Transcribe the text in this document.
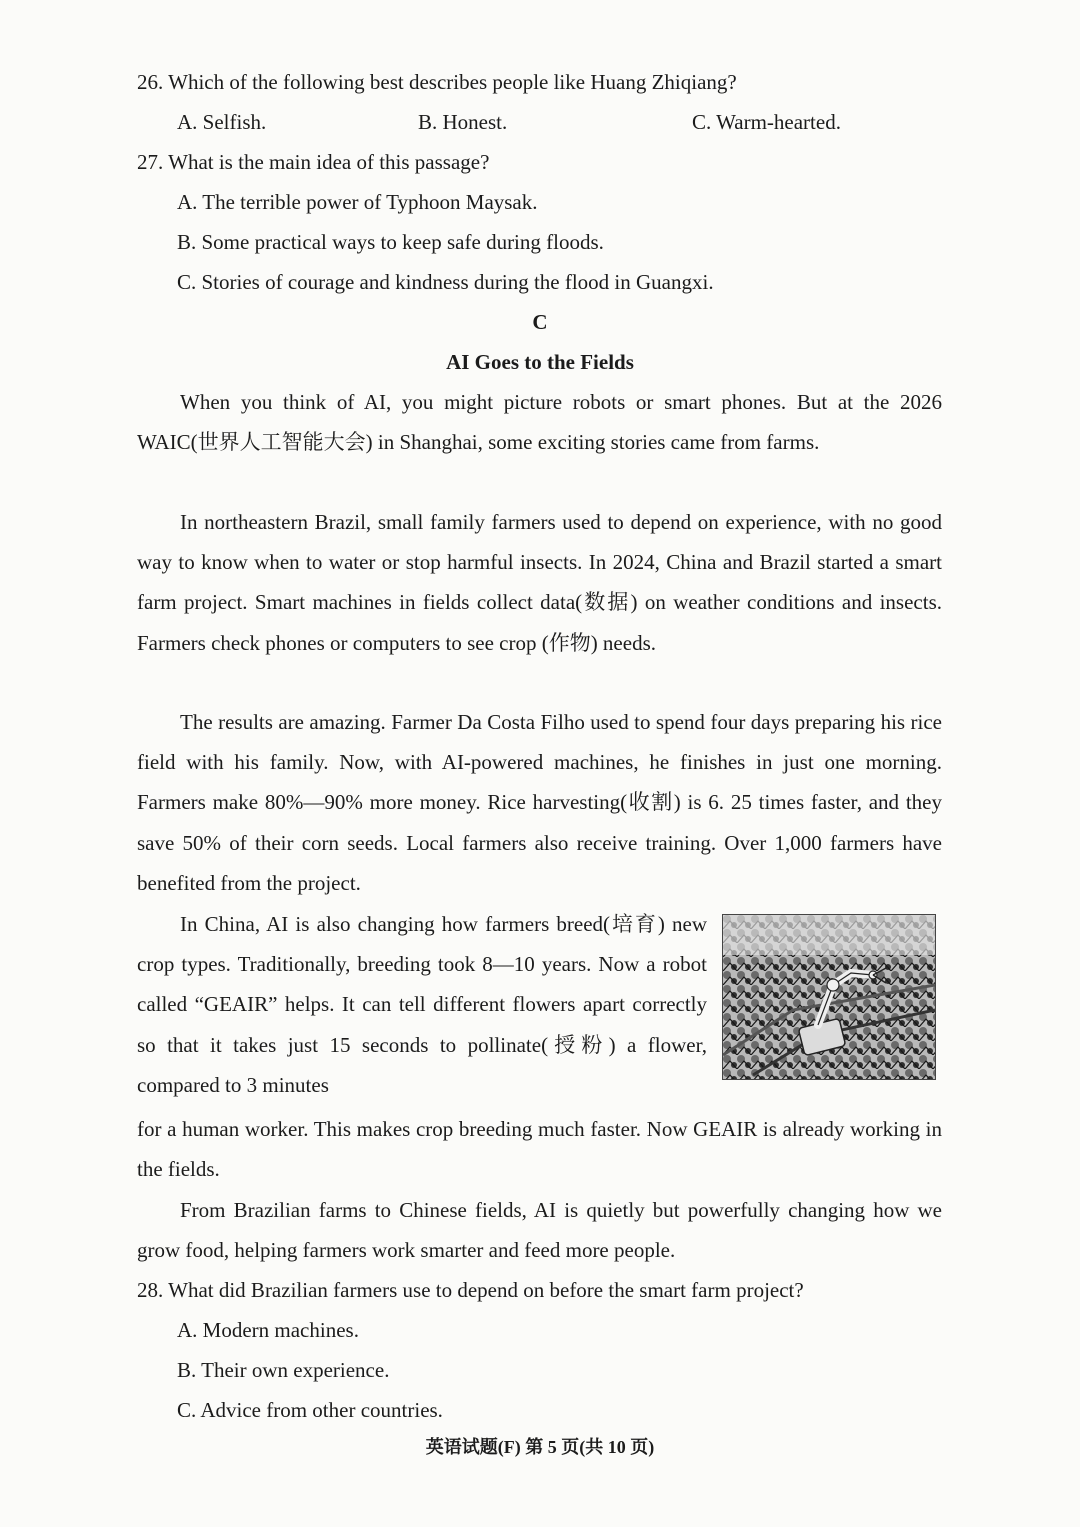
26. Which of the following best describes people like Huang Zhiqiang?
A. Selfish.	B. Honest.	C. Warm-hearted.
27. What is the main idea of this passage?
A. The terrible power of Typhoon Maysak.
B. Some practical ways to keep safe during floods.
C. Stories of courage and kindness during the flood in Guangxi.
C
AI Goes to the Fields
When you think of AI, you might picture robots or smart phones. But at the 2026 WAIC(世界人工智能大会) in Shanghai, some exciting stories came from farms.
In northeastern Brazil, small family farmers used to depend on experience, with no good way to know when to water or stop harmful insects. In 2024, China and Brazil started a smart farm project. Smart machines in fields collect data(数据) on weather conditions and insects. Farmers check phones or computers to see crop (作物) needs.
The results are amazing. Farmer Da Costa Filho used to spend four days preparing his rice field with his family. Now, with AI-powered machines, he finishes in just one morning. Farmers make 80%—90% more money. Rice harvesting(收割) is 6. 25 times faster, and they save 50% of their corn seeds. Local farmers also receive training. Over 1,000 farmers have benefited from the project.
In China, AI is also changing how farmers breed(培育) new crop types. Traditionally, breeding took 8—10 years. Now a robot called “GEAIR” helps. It can tell different flowers apart correctly so that it takes just 15 seconds to pollinate(授粉) a flower, compared to 3 minutes
for a human worker. This makes crop breeding much faster. Now GEAIR is already working in the fields.
From Brazilian farms to Chinese fields, AI is quietly but powerfully changing how we grow food, helping farmers work smarter and feed more people.
28. What did Brazilian farmers use to depend on before the smart farm project?
A. Modern machines.
B. Their own experience.
C. Advice from other countries.
英语试题(F) 第 5 页(共 10 页)
